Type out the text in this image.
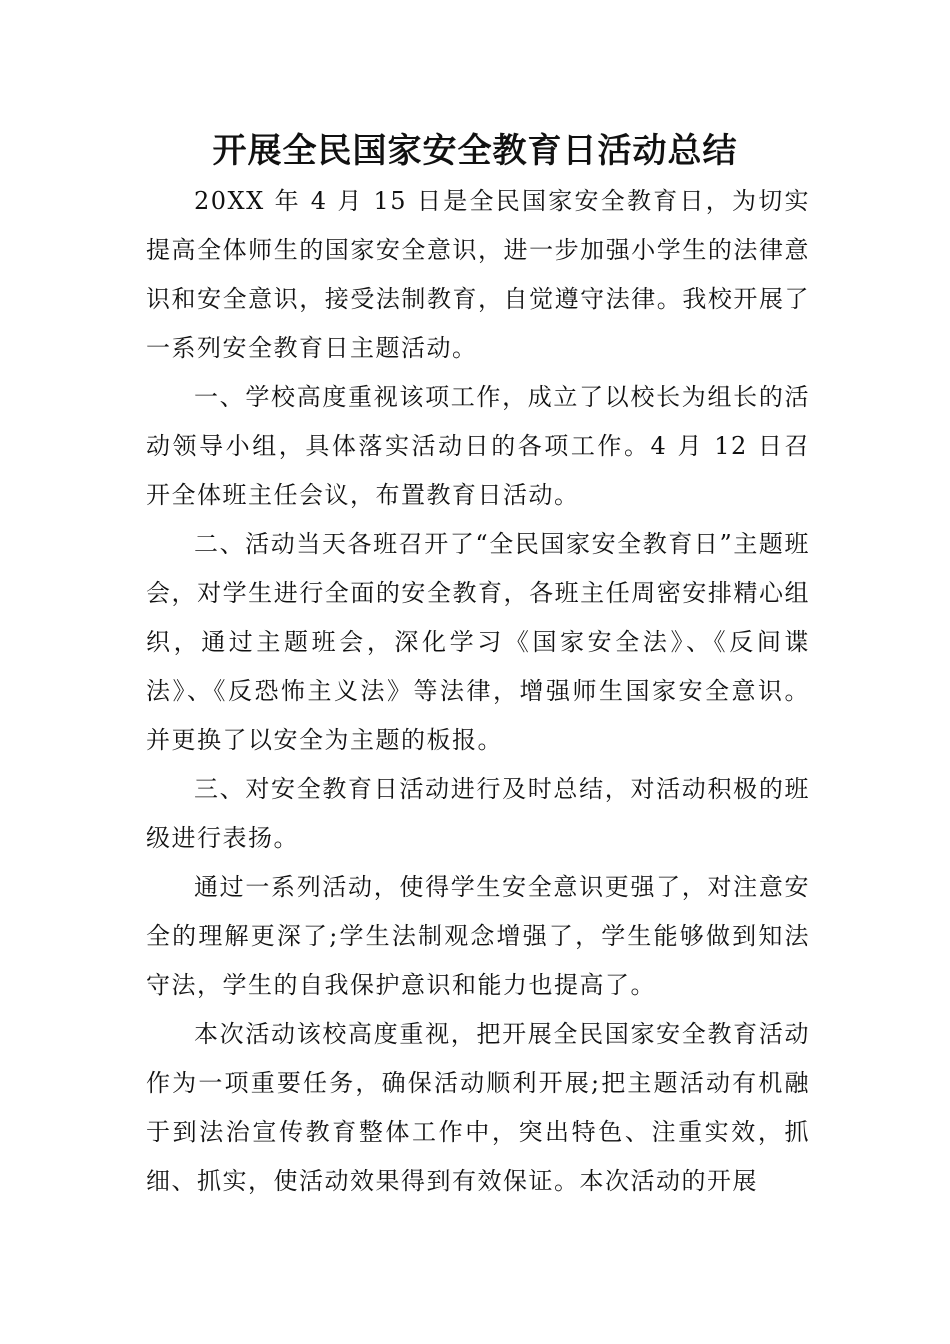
开展全民国家安全教育日活动总结

20XX 年 4 月 15 日是全民国家安全教育日，为切实提高全体师生的国家安全意识，进一步加强小学生的法律意识和安全意识，接受法制教育，自觉遵守法律。我校开展了一系列安全教育日主题活动。

一、学校高度重视该项工作，成立了以校长为组长的活动领导小组，具体落实活动日的各项工作。4 月 12 日召开全体班主任会议，布置教育日活动。

二、活动当天各班召开了“全民国家安全教育日”主题班会，对学生进行全面的安全教育，各班主任周密安排精心组织，通过主题班会，深化学习《国家安全法》、《反间谍法》、《反恐怖主义法》等法律，增强师生国家安全意识。并更换了以安全为主题的板报。

三、对安全教育日活动进行及时总结，对活动积极的班级进行表扬。

通过一系列活动，使得学生安全意识更强了，对注意安全的理解更深了;学生法制观念增强了，学生能够做到知法守法，学生的自我保护意识和能力也提高了。

本次活动该校高度重视，把开展全民国家安全教育活动作为一项重要任务，确保活动顺利开展;把主题活动有机融于到法治宣传教育整体工作中，突出特色、注重实效，抓细、抓实，使活动效果得到有效保证。本次活动的开展
